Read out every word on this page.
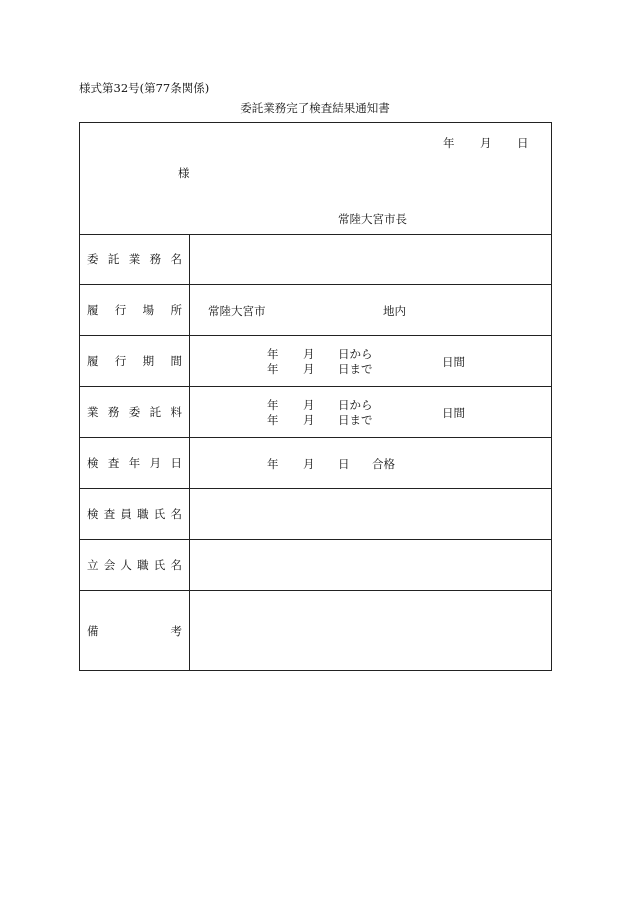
様式第32号(第77条関係)
委託業務完了検査結果通知書
年 月 日
様
常陸大宮市長
委 託 業 務 名
履 行 場 所 常陸大宮市	地内
履 行 期 間	年 月 日から
年 月 日まで	日間
業 務 委 託 料	年 月 日から
年 月 日まで	日間
検 査 年 月 日	年 月 日 合格
検 査 員 職 氏 名
立 会 人 職 氏 名
備	考
